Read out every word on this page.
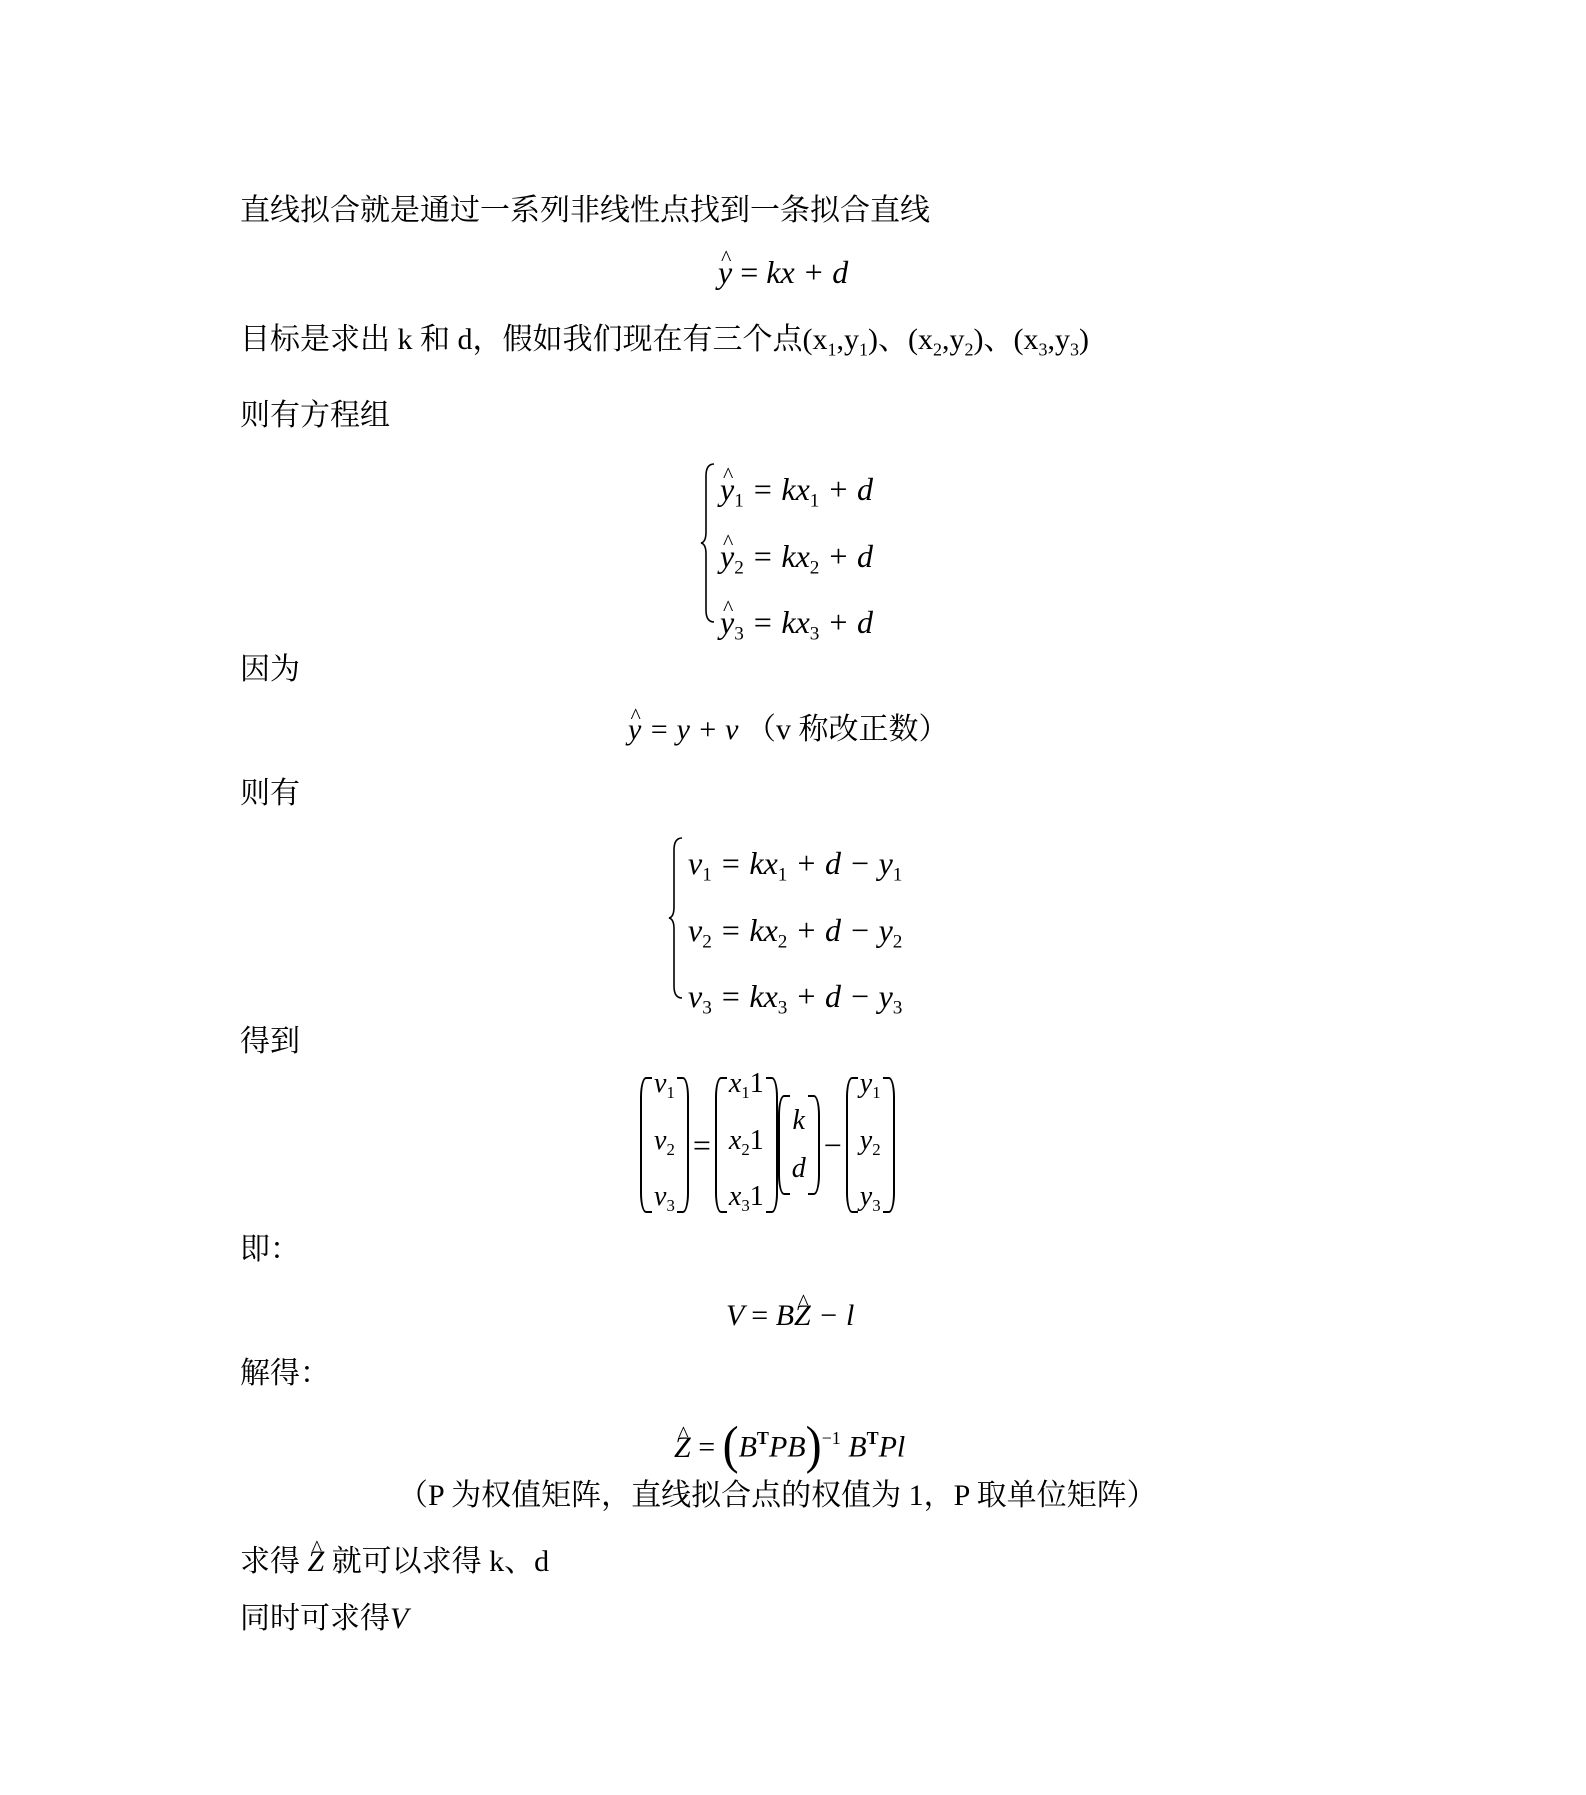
直线拟合就是通过一系列非线性点找到一条拟合直线
^ y = kx + d
目标是求出 k 和 d，假如我们现在有三个点$(x_1,y_1)$、$(x_2,y_2)$、$(x_3,y_3)$
则有方程组
^ $y_1 = kx_1 + d$
^ $y_2 = kx_2 + d$
^ $y_3 = kx_3 + d$
因为
^ y = y + v （v 称改正数）
则有
$v_1 = kx_1 + d - y_1$
$v_2 = kx_2 + d - y_2$
$v_3 = kx_3 + d - y_3$
得到
$v_1$
$v_2$
$v_3$
=
$x_11$
$x_21$
$x_31$
k
d
−
$y_1$
$y_2$
$y_3$
即：
V = B^ Z − l
解得：
^ $Z = (B^TPB)^{-1}$ $B^TPl$
（P 为权值矩阵，直线拟合点的权值为 1，P 取单位矩阵）
求得 ^ Z 就可以求得 k、d
同时可求得V
